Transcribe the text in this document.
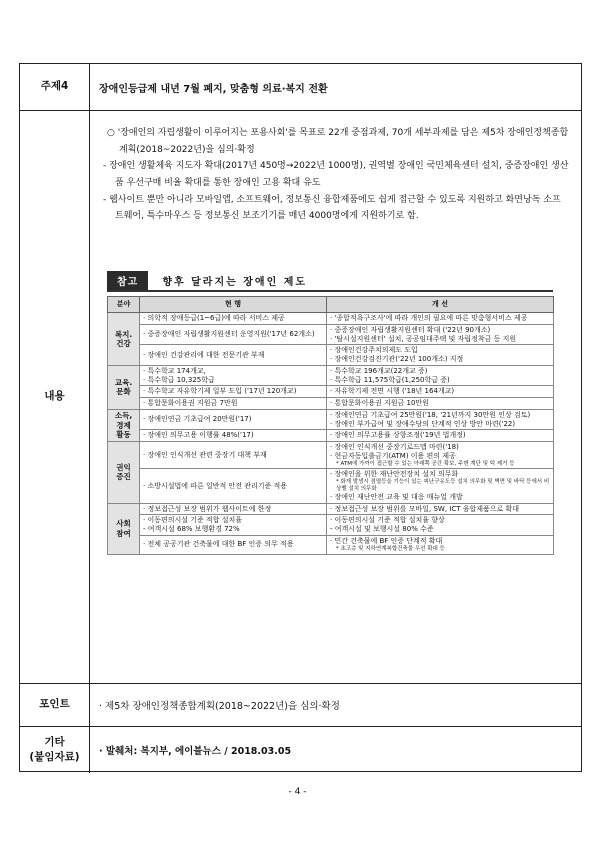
주제4	장애인등급제 내년 7월 폐지, 맞춤형 의료·복지 전환
내용

○ '장애인의 자립생활이 이루어지는 포용사회'를 목표로 22개 중점과제, 70개 세부과제를 담은 제5차 장애인정책종합계획(2018~2022년)을 심의·확정

- 장애인 생활체육 지도자 확대(2017년 450명→2022년 1000명), 권역별 장애인 국민체육센터 설치, 중증장애인 생산품 우선구매 비율 확대를 통한 장애인 고용 확대 유도

- 웹사이트 뿐만 아니라 모바일앱, 소프트웨어, 정보통신 융합제품에도 쉽게 접근할 수 있도록 지원하고 화면낭독 소프트웨어, 특수마우스 등 정보통신 보조기기를 매년 4000명에게 지원하기로 함.

참고	향후 달라지는 장애인 제도
분야	현 행	개 선
복지.
건강	· 의학적 장애등급(1~6급)에 따라 서비스 제공	· '종합적욕구조사'에 따라 개인의 필요에 따른 맞춤형서비스 제공

	· 중증장애인 자립생활지원센터 운영지원('17년 62개소)	· 중증장애인 자립생활지원센터 확대 ('22년 90개소)
· '탈시설지원센터' 설치, 공공임대주택 및 자립정착금 등 지원

	· 장애인 건강관리에 대한 전문기관 부재	· 장애인건강주치의제도 도입
· 장애인건강검진기관('22년 100개소) 지정

교육.
문화	· 특수학교 174개교,
· 특수학급 10,325학급	· 특수학교 196개교(22개교 증)
· 특수학급 11,575학급(1,250학급 증)

	· 특수학교 자유학기제 일부 도입 ('17년 120개교)	· 자유학기제 전면 시행 ('18년 164개교)

	· 통합문화이용권 지원금 7만원	· 통합문화이용권 지원금 10만원

소득,
경제
활동	· 장애인연금 기초급여 20만원('17)	· 장애인연금 기초급여 25만원('18, '21년까지 30만원 인상 검토)
· 장애인 부가급여 및 장애수당의 단계적 인상 방안 마련('22)

	· 장애인 의무고용 이행률 48%('17)	· 장애인 의무고용률 상향조정('19년 법개정)

권익
증진	· 장애인 인식개선 관련 중장기 대책 부재	· 장애인 인식개선 중장기로드맵 마련('18)
· 현금자동입출금기(ATM) 이용 편의 제공
* ATM에 가까이 접근할 수 있는 아래쪽 공간 확보, 주변 계단 및 턱 제거 등

	· 소방시설법에 따른 일반적 안전 관리기준 적용	· 장애인을 위한 재난안전장치 설치 의무화
* 화재 발생시 점멸등을 기능이 있는 피난구유도등 설치 의무화 및 벽면 및 바닥 등에서 비상벨 설치 의무화
· 장애인 재난안전 교육 및 대응 매뉴얼 개발

사회
참여	· 정보접근성 보장 범위가 웹사이트에 한정	· 정보접근성 보장 범위를 모바일, SW, ICT 융합제품으로 확대

	· 이동편의시설 기준 적합 설치율
- 여객시설 68% 보행환경 72%	· 이동편의시설 기준 적합 설치율 향상
- 여객시설 및 보행시설 80% 수준

	· 전체 공공기관 건축물에 대한 BF 인증 의무 적용	· 민간 건축물에 BF 인증 단계적 확대
* 초고층 및 지하연계복합건축물 우선 확대 등
포인트	· 제5차 장애인정책종합계획(2018~2022년)을 심의·확정
기타
(붙임자료)	· 발췌처: 복지부, 에이블뉴스 / 2018.03.05
- 4 -
